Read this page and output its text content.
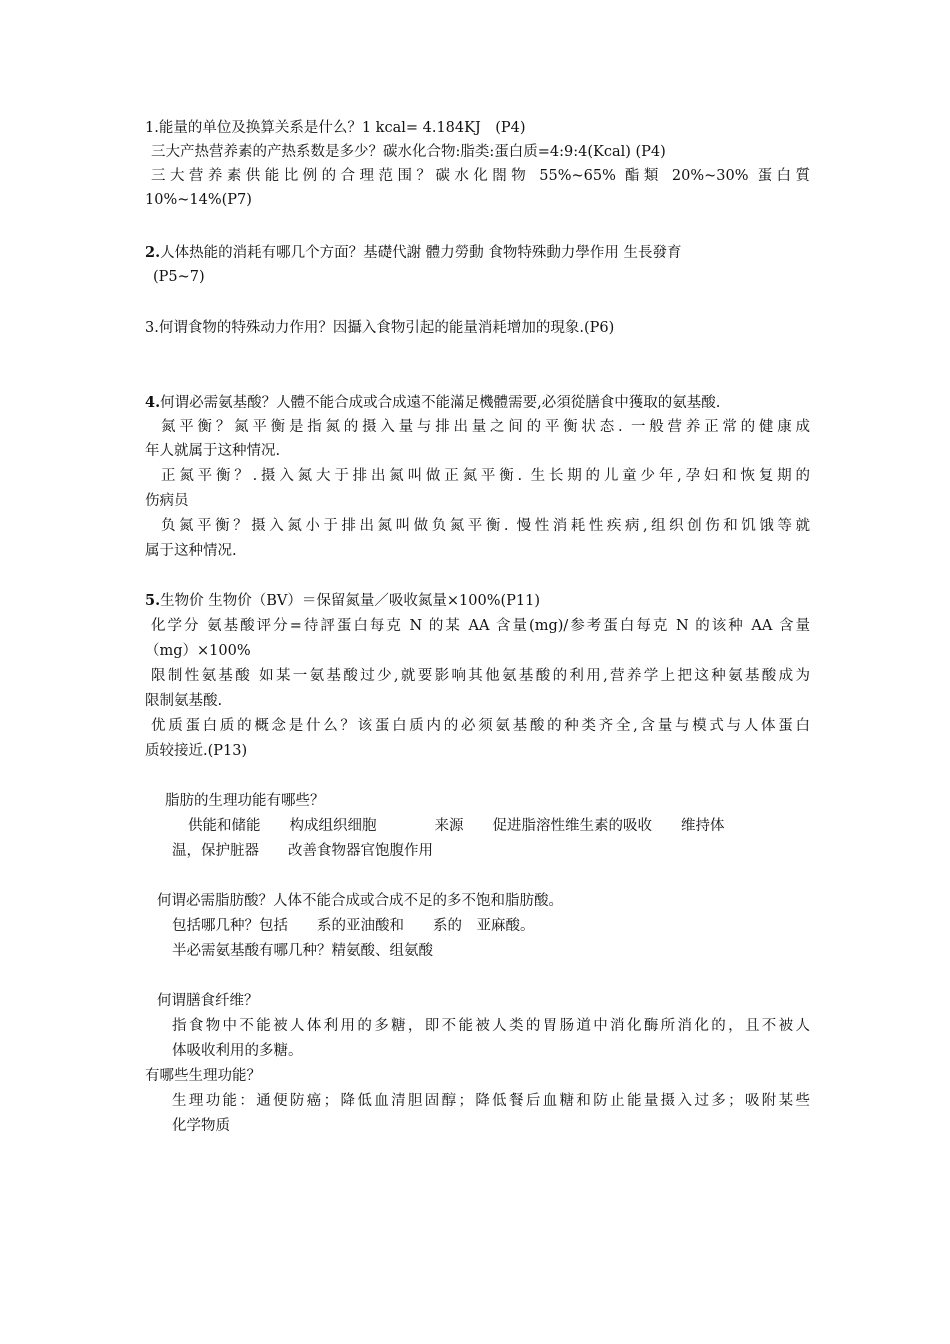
1.能量的单位及换算关系是什么？1 kcal= 4.184KJ　(P4)
三大产热营养素的产热系数是多少？碳水化合物:脂类:蛋白质=4:9:4(Kcal) (P4)
三大营养素供能比例的合理范围？碳水化閤物 55%~65% 酯類 20%~30% 蛋白質
10%~14%(P7)
2.人体热能的消耗有哪几个方面？基礎代謝 體力勞動 食物特殊動力學作用 生長發育
(P5~7)
3.何谓食物的特殊动力作用？因攝入食物引起的能量消耗增加的現象.(P6)
4.何谓必需氨基酸？人體不能合成或合成遠不能滿足機體需要,必須從膳食中獲取的氨基酸.
氮平衡？氮平衡是指氮的摄入量与排出量之间的平衡状态. 一般营养正常的健康成
年人就属于这种情况.
正氮平衡？.摄入氮大于排出氮叫做正氮平衡. 生长期的儿童少年,孕妇和恢复期的
伤病员
负氮平衡？摄入氮小于排出氮叫做负氮平衡. 慢性消耗性疾病,组织创伤和饥饿等就
属于这种情况.
5.生物价 生物价（BV）＝保留氮量／吸收氮量×100%(P11)
化学分 氨基酸评分=待評蛋白每克 N 的某 AA 含量(mg)/参考蛋白每克 N 的该种 AA 含量
（mg）×100%
限制性氨基酸 如某一氨基酸过少,就要影响其他氨基酸的利用,营养学上把这种氨基酸成为
限制氨基酸.
优质蛋白质的概念是什么？该蛋白质内的必须氨基酸的种类齐全,含量与模式与人体蛋白
质较接近.(P13)
脂肪的生理功能有哪些？
供能和储能　　构成组织细胞　　　　来源　　促进脂溶性维生素的吸收　　维持体
温，保护脏器　　改善食物器官饱腹作用
何谓必需脂肪酸？人体不能合成或合成不足的多不饱和脂肪酸。
包括哪几种？包括　　系的亚油酸和　　系的　亚麻酸。
半必需氨基酸有哪几种？精氨酸、组氨酸
何谓膳食纤维？
指食物中不能被人体利用的多糖，即不能被人类的胃肠道中消化酶所消化的，且不被人
体吸收利用的多糖。
有哪些生理功能？
生理功能：通便防癌；降低血清胆固醇；降低餐后血糖和防止能量摄入过多；吸附某些
化学物质
